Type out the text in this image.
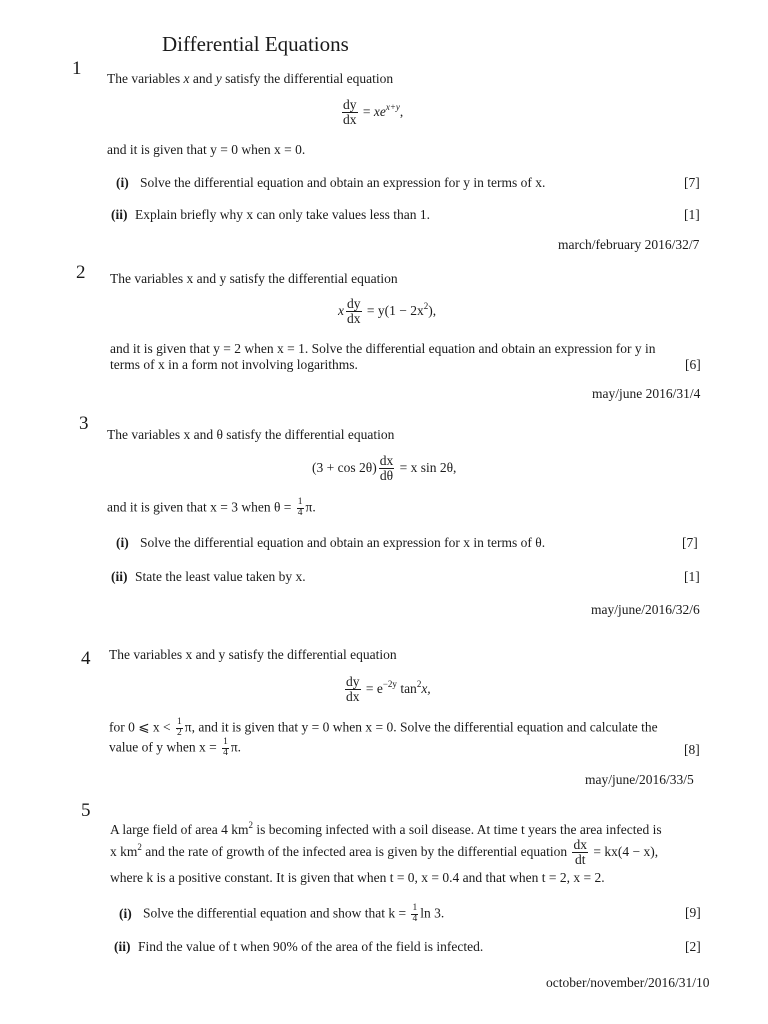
Differential Equations
1 The variables x and y satisfy the differential equation
$\frac{dy}{dx} = xe^{x+y}$,
and it is given that y = 0 when x = 0.
(i) Solve the differential equation and obtain an expression for y in terms of x.	[7]
(ii) Explain briefly why x can only take values less than 1.	[1]
march/february 2016/32/7
2 The variables x and y satisfy the differential equation
x $\frac{dy}{dx} = y(1 - 2x^2)$,
and it is given that y = 2 when x = 1. Solve the differential equation and obtain an expression for y in
terms of x in a form not involving logarithms.	[6]
may/june 2016/31/4
3
The variables x and θ satisfy the differential equation
$(3 + \cos 2\theta) \frac{dx}{d\theta} = x$ sin 2θ,
and it is given that x = 3 when $\theta = \frac{1}{4} \pi$.
(i) Solve the differential equation and obtain an expression for x in terms of θ.	[7]
(ii) State the least value taken by x.	[1]
may/june/2016/32/6
4 The variables x and y satisfy the differential equation
$\frac{dy}{dx} = e^{-2y}$ $\tan^2x$,
for 0 ⩽ $x < \frac{1}{2} \pi$, and it is given that y = 0 when x = 0. Solve the differential equation and calculate the
value of y when $x = \frac{1}{4} \pi$.	[8]
may/june/2016/33/5
5
A large field of area 4 $km^2$ is becoming infected with a soil disease. At time t years the area infected is
x $km^2$ and the rate of growth of the infected area is given by the differential equation $\frac{dx}{dt} = kx(4 - x)$,
where k is a positive constant. It is given that when t = 0, x = 0.4 and that when t = 2, x = 2.
(i) Solve the differential equation and show that $k = \frac{1}{4}$ ln 3.	[9]
(ii) Find the value of t when 90% of the area of the field is infected.	[2]
october/november/2016/31/10
